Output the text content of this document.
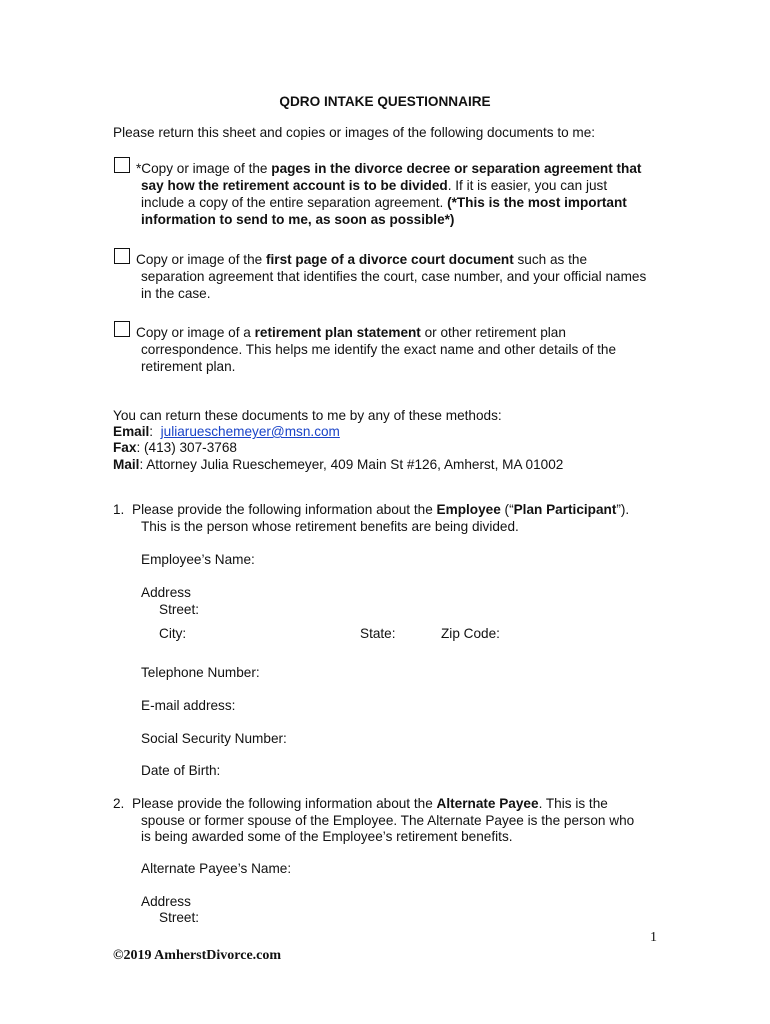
QDRO INTAKE QUESTIONNAIRE
Please return this sheet and copies or images of the following documents to me:
*Copy or image of the pages in the divorce decree or separation agreement that
say how the retirement account is to be divided. If it is easier, you can just
include a copy of the entire separation agreement. (*This is the most important
information to send to me, as soon as possible*)
Copy or image of the first page of a divorce court document such as the
separation agreement that identifies the court, case number, and your official names
in the case.
Copy or image of a retirement plan statement or other retirement plan
correspondence. This helps me identify the exact name and other details of the
retirement plan.
You can return these documents to me by any of these methods:
Email:  juliarueschemeyer@msn.com
Fax: (413) 307-3768
Mail: Attorney Julia Rueschemeyer, 409 Main St #126, Amherst, MA 01002
1. Please provide the following information about the Employee (“Plan Participant”).
This is the person whose retirement benefits are being divided.
Employee’s Name:
Address
Street:
City:	State:	Zip Code:
Telephone Number:
E-mail address:
Social Security Number:
Date of Birth:
2. Please provide the following information about the Alternate Payee. This is the
spouse or former spouse of the Employee. The Alternate Payee is the person who
is being awarded some of the Employee’s retirement benefits.
Alternate Payee’s Name:
Address
Street:
1
©2019 AmherstDivorce.com
